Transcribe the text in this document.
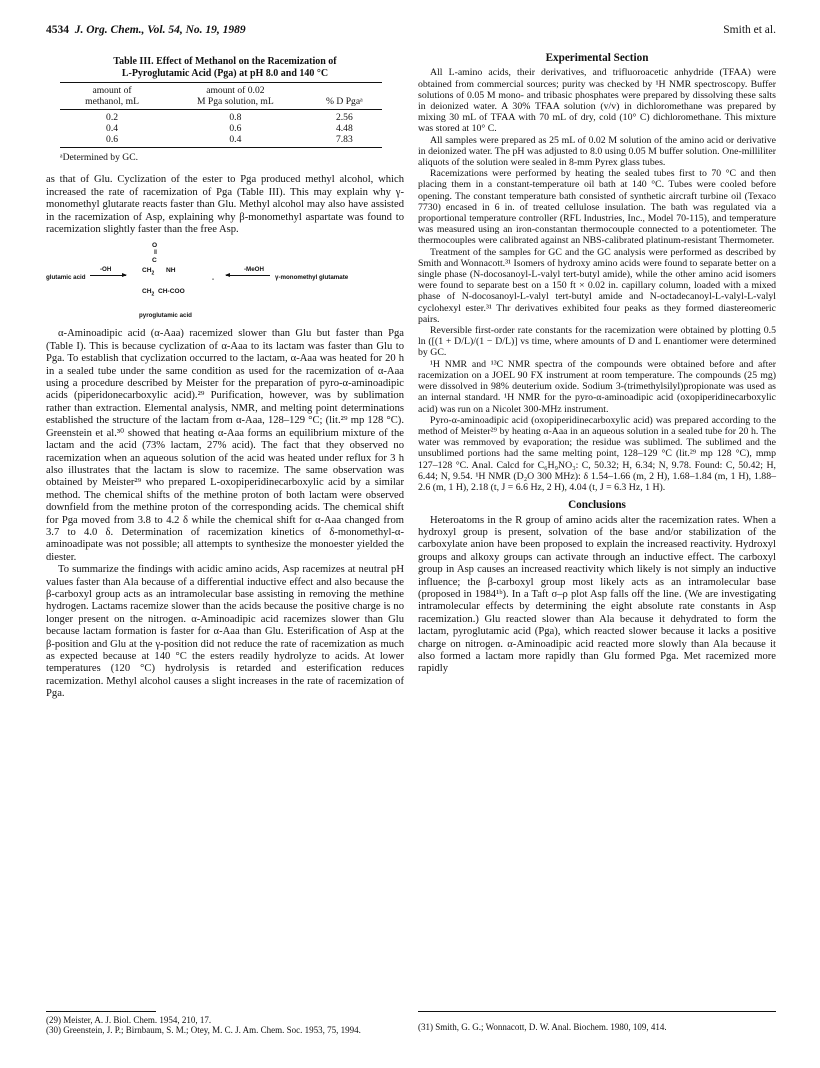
4534 J. Org. Chem., Vol. 54, No. 19, 1989	Smith et al.
Table III. Effect of Methanol on the Racemization of
L-Pyroglutamic Acid (Pga) at pH 8.0 and 140 °C
amount of	amount of 0.02	
methanol, mL	M Pga solution, mL	% D Pgaᵃ
0.2	0.8	2.56
0.4	0.6	4.48
0.6	0.4	7.83
ᵃDetermined by GC.

as that of Glu. Cyclization of the ester to Pga produced methyl alcohol, which increased the rate of racemization of Pga (Table III). This may explain why γ-monomethyl glutarate reacts faster than Glu. Methyl alcohol may also have assisted in the racemization of Asp, explaining why β-monomethyl aspartate was found to racemization slightly faster than the free Asp.

O
‖
C
$CH_2$ NH
$CH_2$ CH-COO
pyroglutamic acid
glutamic acid
-OH
-
-MeOH
γ-monomethyl glutamate

α-Aminoadipic acid (α-Aaa) racemized slower than Glu but faster than Pga (Table I). This is because cyclization of α-Aaa to its lactam was faster than Glu to Pga. To establish that cyclization occurred to the lactam, α-Aaa was heated for 20 h in a sealed tube under the same condition as used for the racemization of α-Aaa using a procedure described by Meister for the preparation of pyro-α-aminoadipic acids (piperidonecarboxylic acid).²⁹ Purification, however, was by sublimation rather than extraction. Elemental analysis, NMR, and melting point determinations established the structure of the lactam from α-Aaa, 128–129 °C; (lit.²⁹ mp 128 °C). Greenstein et al.³⁰ showed that heating α-Aaa forms an equilibrium mixture of the lactam and the acid (73% lactam, 27% acid). The fact that they observed no racemization when an aqueous solution of the acid was heated under reflux for 3 h also illustrates that the lactam is slow to racemize. The same observation was obtained by Meister²⁹ who prepared L-oxopiperidinecarboxylic acid by a similar method. The chemical shifts of the methine proton of both lactam were observed downfield from the methine proton of the corresponding acids. The chemical shift for Pga moved from 3.8 to 4.2 δ while the chemical shift for α-Aaa changed from 3.7 to 4.0 δ. Determination of racemization kinetics of δ-monomethyl-α-aminoadipate was not possible; all attempts to synthesize the monoester yielded the diester.

To summarize the findings with acidic amino acids, Asp racemizes at neutral pH values faster than Ala because of a differential inductive effect and also because the β-carboxyl group acts as an intramolecular base assisting in removing the methine hydrogen. Lactams racemize slower than the acids because the positive charge is no longer present on the nitrogen. α-Aminoadipic acid racemizes slower than Glu because lactam formation is faster for α-Aaa than Glu. Esterification of Asp at the β-position and Glu at the γ-position did not reduce the rate of racemization as much as expected because at 140 °C the esters readily hydrolyze to acids. At lower temperatures (120 °C) hydrolysis is retarded and esterification reduces racemization. Methyl alcohol causes a slight increases in the rate of racemization of Pga.

Experimental Section

All L-amino acids, their derivatives, and trifluoroacetic anhydride (TFAA) were obtained from commercial sources; purity was checked by ¹H NMR spectroscopy. Buffer solutions of 0.05 M mono- and tribasic phosphates were prepared by dissolving these salts in deionized water. A 30% TFAA solution (v/v) in dichloromethane was prepared by mixing 30 mL of TFAA with 70 mL of dry, cold (10° C) dichloromethane. This mixture was stored at 10° C.

All samples were prepared as 25 mL of 0.02 M solution of the amino acid or derivative in deionized water. The pH was adjusted to 8.0 using 0.05 M buffer solution. One-milliliter aliquots of the solution were sealed in 8-mm Pyrex glass tubes.

Racemizations were performed by heating the sealed tubes first to 70 °C and then placing them in a constant-temperature oil bath at 140 °C. Tubes were cooled before opening. The constant temperature bath consisted of synthetic aircraft turbine oil (Texaco 7730) encased in 6 in. of treated cellulose insulation. The bath was regulated via a proportional temperature controller (RFL Industries, Inc., Model 70-115), and temperature was measured using an iron-constantan thermocouple connected to a potentiometer. The thermocouples were calibrated against an NBS-calibrated platinum-resistant Thermometer.

Treatment of the samples for GC and the GC analysis were performed as described by Smith and Wonnacott.³¹ Isomers of hydroxy amino acids were found to separate better on a single phase (N-docosanoyl-L-valyl tert-butyl amide), while the other amino acid isomers were found to separate best on a 150 ft × 0.02 in. capillary column, loaded with a mixed phase of N-docosanoyl-L-valyl tert-butyl amide and N-octadecanoyl-L-valyl-L-valyl cyclohexyl ester.³¹ Thr derivatives exhibited four peaks as they formed diastereomeric pairs.

Reversible first-order rate constants for the racemization were obtained by plotting 0.5 ln ([(1 + D/L)/(1 − D/L)] vs time, where amounts of D and L enantiomer were determined by GC.

¹H NMR and ¹³C NMR spectra of the compounds were obtained before and after racemization on a JOEL 90 FX instrument at room temperature. The compounds (25 mg) were dissolved in 98% deuterium oxide. Sodium 3-(trimethylsilyl)propionate was used as an internal standard. ¹H NMR for the pyro-α-aminoadipic acid (oxopiperidinecarboxylic acid) was run on a Nicolet 300-MHz instrument.

Pyro-α-aminoadipic acid (oxopiperidinecarboxylic acid) was prepared according to the method of Meister²⁹ by heating α-Aaa in an aqueous solution in a sealed tube for 20 h. The water was remmoved by evaporation; the residue was sublimed. The sublimed and the unsublimed portions had the same melting point, 128–129 °C (lit.²⁹ mp 128 °C), mmp 127–128 °C. Anal. Calcd for C₆H₉NO₃: C, 50.32; H, 6.34; N, 9.78. Found: C, 50.42; H, 6.44; N, 9.54. ¹H NMR (D₂O 300 MHz): δ 1.54–1.66 (m, 2 H), 1.68–1.84 (m, 1 H), 1.88–2.6 (m, 1 H), 2.18 (t, J = 6.6 Hz, 2 H), 4.04 (t, J = 6.3 Hz, 1 H).

Conclusions

Heteroatoms in the R group of amino acids alter the racemization rates. When a hydroxyl group is present, solvation of the base and/or stabilization of the carboxylate anion have been proposed to explain the increased reactivity. Hydroxyl groups and alkoxy groups can activate through an inductive effect. The carboxyl group in Asp causes an increased reactivity which likely is not simply an inductive influence; the β-carboxyl group most likely acts as an intramolecular base (proposed in 1984¹ᵇ). In a Taft σ–ρ plot Asp falls off the line. (We are investigating intramolecular effects by determining the eight absolute rate constants in Asp racemization.) Glu reacted slower than Ala because it dehydrated to form the lactam, pyroglutamic acid (Pga), which reacted slower because it lacks a positive charge on nitrogen. α-Aminoadipic acid reacted more slowly than Ala because it also formed a lactam more rapidly than Glu formed Pga. Met racemized more rapidly

(29) Meister, A. J. Biol. Chem. 1954, 210, 17.
(30) Greenstein, J. P.; Birnbaum, S. M.; Otey, M. C. J. Am. Chem. Soc. 1953, 75, 1994.	(31) Smith, G. G.; Wonnacott, D. W. Anal. Biochem. 1980, 109, 414.
